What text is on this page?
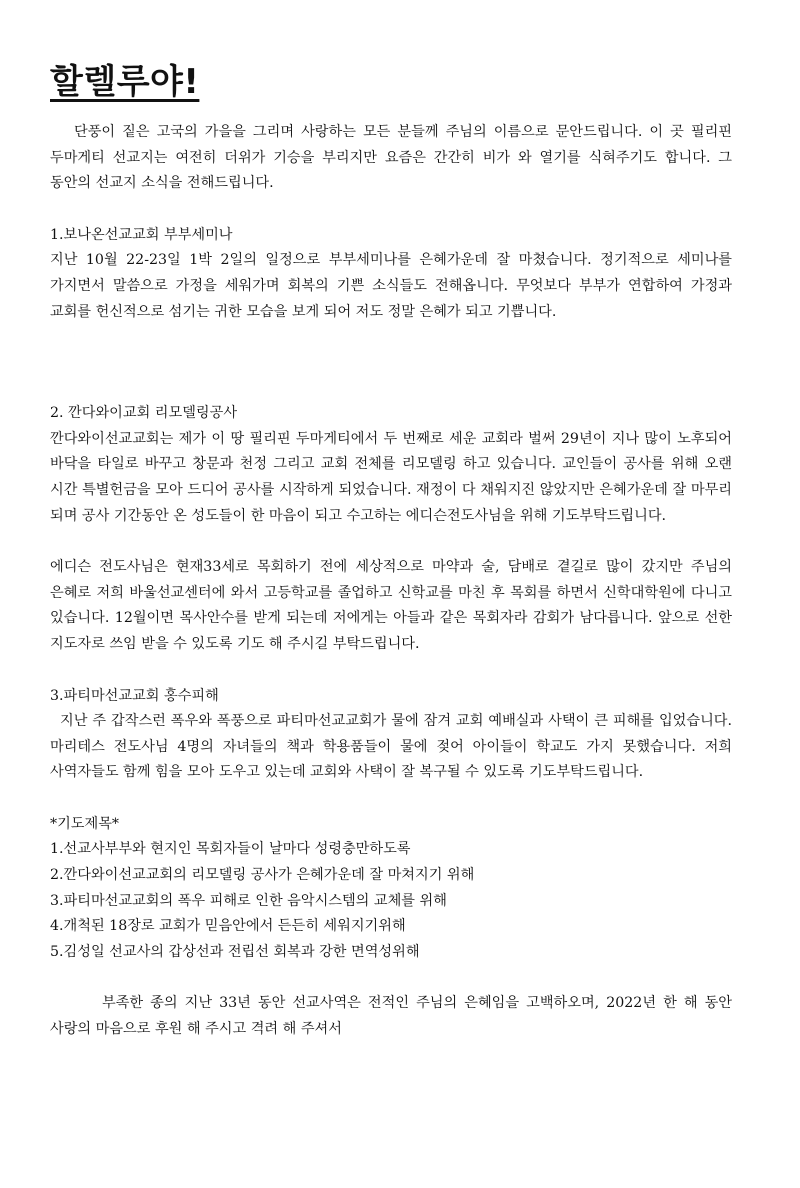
할렐루야!

단풍이 짙은 고국의 가을을 그리며 사랑하는 모든 분들께 주님의 이름으로 문안드립니다. 이 곳 필리핀 두마게티 선교지는 여전히 더위가 기승을 부리지만 요즘은 간간히 비가 와 열기를 식혀주기도 합니다. 그 동안의 선교지 소식을 전해드립니다.

1.보나온선교교회 부부세미나

지난 10월 22-23일 1박 2일의 일정으로 부부세미나를 은혜가운데 잘 마쳤습니다. 정기적으로 세미나를 가지면서 말씀으로 가정을 세워가며 회복의 기쁜 소식들도 전해옵니다. 무엇보다 부부가 연합하여 가정과 교회를 헌신적으로 섬기는 귀한 모습을 보게 되어 저도 정말 은혜가 되고 기쁩니다.

2. 깐다와이교회 리모델링공사

깐다와이선교교회는 제가 이 땅 필리핀 두마게티에서 두 번째로 세운 교회라 벌써 29년이 지나 많이 노후되어 바닥을 타일로 바꾸고 창문과 천정 그리고 교회 전체를 리모델링 하고 있습니다. 교인들이 공사를 위해 오랜 시간 특별헌금을 모아 드디어 공사를 시작하게 되었습니다. 재정이 다 채워지진 않았지만 은혜가운데 잘 마무리 되며 공사 기간동안 온 성도들이 한 마음이 되고 수고하는 에디슨전도사님을 위해 기도부탁드립니다.

에디슨 전도사님은 현재33세로 목회하기 전에 세상적으로 마약과 술, 담배로 곁길로 많이 갔지만 주님의 은혜로 저희 바울선교센터에 와서 고등학교를 졸업하고 신학교를 마친 후 목회를 하면서 신학대학원에 다니고 있습니다. 12월이면 목사안수를 받게 되는데 저에게는 아들과 같은 목회자라 감회가 남다릅니다. 앞으로 선한 지도자로 쓰임 받을 수 있도록 기도 해 주시길 부탁드립니다.

3.파티마선교교회 홍수피해

지난 주 갑작스런 폭우와 폭풍으로 파티마선교교회가 물에 잠겨 교회 예배실과 사택이 큰 피해를 입었습니다. 마리테스 전도사님 4명의 자녀들의 책과 학용품들이 물에 젖어 아이들이 학교도 가지 못했습니다. 저희 사역자들도 함께 힘을 모아 도우고 있는데 교회와 사택이 잘 복구될 수 있도록 기도부탁드립니다.

*기도제목*
1.선교사부부와 현지인 목회자들이 날마다 성령충만하도록
2.깐다와이선교교회의 리모델링 공사가 은혜가운데 잘 마쳐지기 위해
3.파티마선교교회의 폭우 피해로 인한 음악시스템의 교체를 위해
4.개척된 18장로 교회가 믿음안에서 든든히 세워지기위해
5.김성일 선교사의 갑상선과 전립선 회복과 강한 면역성위해

부족한 종의 지난 33년 동안 선교사역은 전적인 주님의 은혜임을 고백하오며, 2022년 한 해 동안 사랑의 마음으로 후원 해 주시고 격려 해 주셔서
